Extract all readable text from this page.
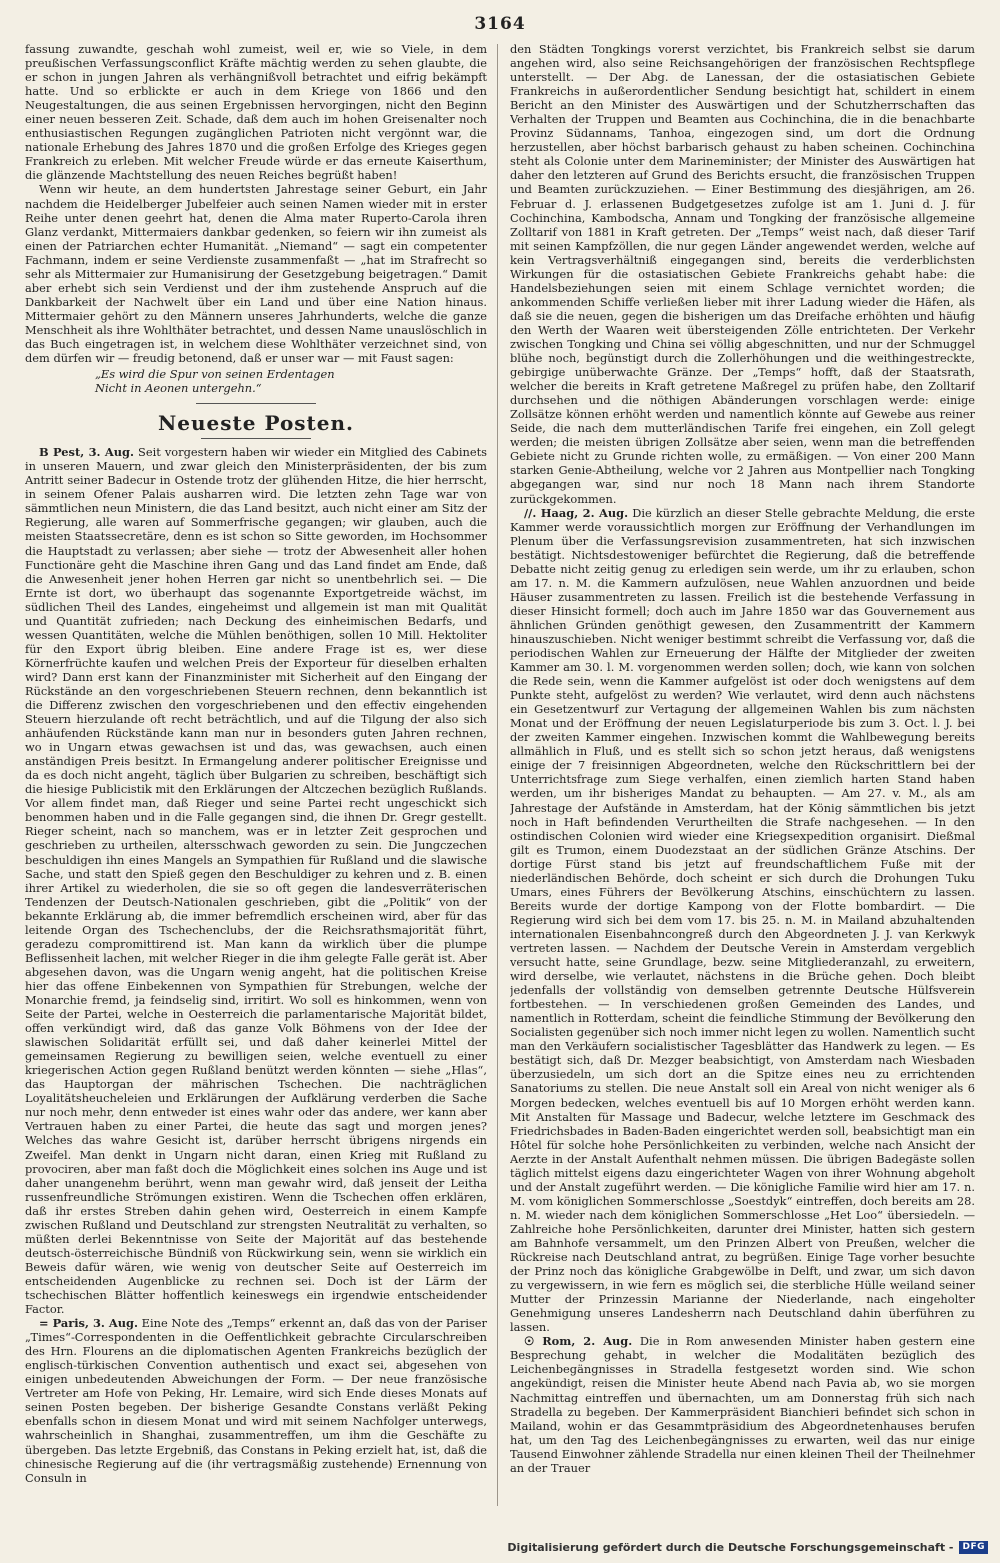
3164

fassung zuwandte, geschah wohl zumeist, weil er, wie so Viele, in dem preußischen Verfassungsconflict Kräfte mächtig werden zu sehen glaubte, die er schon in jungen Jahren als verhängnißvoll betrachtet und eifrig bekämpft hatte. Und so erblickte er auch in dem Kriege von 1866 und den Neugestaltungen, die aus seinen Ergebnissen hervorgingen, nicht den Beginn einer neuen besseren Zeit. Schade, daß dem auch im hohen Greisenalter noch enthusiastischen Regungen zugänglichen Patrioten nicht vergönnt war, die nationale Erhebung des Jahres 1870 und die großen Erfolge des Krieges gegen Frankreich zu erleben. Mit welcher Freude würde er das erneute Kaiserthum, die glänzende Machtstellung des neuen Reiches begrüßt haben!

Wenn wir heute, an dem hundertsten Jahrestage seiner Geburt, ein Jahr nachdem die Heidelberger Jubelfeier auch seinen Namen wieder mit in erster Reihe unter denen geehrt hat, denen die Alma mater Ruperto-Carola ihren Glanz verdankt, Mittermaiers dankbar gedenken, so feiern wir ihn zumeist als einen der Patriarchen echter Humanität. „Niemand“ — sagt ein competenter Fachmann, indem er seine Verdienste zusammenfaßt — „hat im Strafrecht so sehr als Mittermaier zur Humanisirung der Gesetzgebung beigetragen.“ Damit aber erhebt sich sein Verdienst und der ihm zustehende Anspruch auf die Dankbarkeit der Nachwelt über ein Land und über eine Nation hinaus. Mittermaier gehört zu den Männern unseres Jahrhunderts, welche die ganze Menschheit als ihre Wohlthäter betrachtet, und dessen Name unauslöschlich in das Buch eingetragen ist, in welchem diese Wohlthäter verzeichnet sind, von dem dürfen wir — freudig betonend, daß er unser war — mit Faust sagen:

„Es wird die Spur von seinen Erdentagen
Nicht in Aeonen untergehn.“
Neueste Posten.

B Pest, 3. Aug. Seit vorgestern haben wir wieder ein Mitglied des Cabinets in unseren Mauern, und zwar gleich den Ministerpräsidenten, der bis zum Antritt seiner Badecur in Ostende trotz der glühenden Hitze, die hier herrscht, in seinem Ofener Palais ausharren wird. Die letzten zehn Tage war von sämmtlichen neun Ministern, die das Land besitzt, auch nicht einer am Sitz der Regierung, alle waren auf Sommerfrische gegangen; wir glauben, auch die meisten Staatssecretäre, denn es ist schon so Sitte geworden, im Hochsommer die Hauptstadt zu verlassen; aber siehe — trotz der Abwesenheit aller hohen Functionäre geht die Maschine ihren Gang und das Land findet am Ende, daß die Anwesenheit jener hohen Herren gar nicht so unentbehrlich sei. — Die Ernte ist dort, wo überhaupt das sogenannte Exportgetreide wächst, im südlichen Theil des Landes, eingeheimst und allgemein ist man mit Qualität und Quantität zufrieden; nach Deckung des einheimischen Bedarfs, und wessen Quantitäten, welche die Mühlen benöthigen, sollen 10 Mill. Hektoliter für den Export übrig bleiben. Eine andere Frage ist es, wer diese Körnerfrüchte kaufen und welchen Preis der Exporteur für dieselben erhalten wird? Dann erst kann der Finanzminister mit Sicherheit auf den Eingang der Rückstände an den vorgeschriebenen Steuern rechnen, denn bekanntlich ist die Differenz zwischen den vorgeschriebenen und den effectiv eingehenden Steuern hierzulande oft recht beträchtlich, und auf die Tilgung der also sich anhäufenden Rückstände kann man nur in besonders guten Jahren rechnen, wo in Ungarn etwas gewachsen ist und das, was gewachsen, auch einen anständigen Preis besitzt. In Ermangelung anderer politischer Ereignisse und da es doch nicht angeht, täglich über Bulgarien zu schreiben, beschäftigt sich die hiesige Publicistik mit den Erklärungen der Altczechen bezüglich Rußlands. Vor allem findet man, daß Rieger und seine Partei recht ungeschickt sich benommen haben und in die Falle gegangen sind, die ihnen Dr. Gregr gestellt. Rieger scheint, nach so manchem, was er in letzter Zeit gesprochen und geschrieben zu urtheilen, altersschwach geworden zu sein. Die Jungczechen beschuldigen ihn eines Mangels an Sympathien für Rußland und die slawische Sache, und statt den Spieß gegen den Beschuldiger zu kehren und z. B. einen ihrer Artikel zu wiederholen, die sie so oft gegen die landesverräterischen Tendenzen der Deutsch-Nationalen geschrieben, gibt die „Politik“ von der bekannte Erklärung ab, die immer befremdlich erscheinen wird, aber für das leitende Organ des Tschechenclubs, der die Reichsrathsmajorität führt, geradezu compromittirend ist. Man kann da wirklich über die plumpe Beflissenheit lachen, mit welcher Rieger in die ihm gelegte Falle gerät ist. Aber abgesehen davon, was die Ungarn wenig angeht, hat die politischen Kreise hier das offene Einbekennen von Sympathien für Strebungen, welche der Monarchie fremd, ja feindselig sind, irritirt. Wo soll es hinkommen, wenn von Seite der Partei, welche in Oesterreich die parlamentarische Majorität bildet, offen verkündigt wird, daß das ganze Volk Böhmens von der Idee der slawischen Solidarität erfüllt sei, und daß daher keinerlei Mittel der gemeinsamen Regierung zu bewilligen seien, welche eventuell zu einer kriegerischen Action gegen Rußland benützt werden könnten — siehe „Hlas“, das Hauptorgan der mährischen Tschechen. Die nachträglichen Loyalitätsheucheleien und Erklärungen der Aufklärung verderben die Sache nur noch mehr, denn entweder ist eines wahr oder das andere, wer kann aber Vertrauen haben zu einer Partei, die heute das sagt und morgen jenes? Welches das wahre Gesicht ist, darüber herrscht übrigens nirgends ein Zweifel. Man denkt in Ungarn nicht daran, einen Krieg mit Rußland zu provociren, aber man faßt doch die Möglichkeit eines solchen ins Auge und ist daher unangenehm berührt, wenn man gewahr wird, daß jenseit der Leitha russenfreundliche Strömungen existiren. Wenn die Tschechen offen erklären, daß ihr erstes Streben dahin gehen wird, Oesterreich in einem Kampfe zwischen Rußland und Deutschland zur strengsten Neutralität zu verhalten, so müßten derlei Bekenntnisse von Seite der Majorität auf das bestehende deutsch-österreichische Bündniß von Rückwirkung sein, wenn sie wirklich ein Beweis dafür wären, wie wenig von deutscher Seite auf Oesterreich im entscheidenden Augenblicke zu rechnen sei. Doch ist der Lärm der tschechischen Blätter hoffentlich keineswegs ein irgendwie entscheidender Factor.

= Paris, 3. Aug. Eine Note des „Temps“ erkennt an, daß das von der Pariser „Times“-Correspondenten in die Oeffentlichkeit gebrachte Circularschreiben des Hrn. Flourens an die diplomatischen Agenten Frankreichs bezüglich der englisch-türkischen Convention authentisch und exact sei, abgesehen von einigen unbedeutenden Abweichungen der Form. — Der neue französische Vertreter am Hofe von Peking, Hr. Lemaire, wird sich Ende dieses Monats auf seinen Posten begeben. Der bisherige Gesandte Constans verläßt Peking ebenfalls schon in diesem Monat und wird mit seinem Nachfolger unterwegs, wahrscheinlich in Shanghai, zusammentreffen, um ihm die Geschäfte zu übergeben. Das letzte Ergebniß, das Constans in Peking erzielt hat, ist, daß die chinesische Regierung auf die (ihr vertragsmäßig zustehende) Ernennung von Consuln in

den Städten Tongkings vorerst verzichtet, bis Frankreich selbst sie darum angehen wird, also seine Reichsangehörigen der französischen Rechtspflege unterstellt. — Der Abg. de Lanessan, der die ostasiatischen Gebiete Frankreichs in außerordentlicher Sendung besichtigt hat, schildert in einem Bericht an den Minister des Auswärtigen und der Schutzherrschaften das Verhalten der Truppen und Beamten aus Cochinchina, die in die benachbarte Provinz Südannams, Tanhoa, eingezogen sind, um dort die Ordnung herzustellen, aber höchst barbarisch gehaust zu haben scheinen. Cochinchina steht als Colonie unter dem Marineminister; der Minister des Auswärtigen hat daher den letzteren auf Grund des Berichts ersucht, die französischen Truppen und Beamten zurückzuziehen. — Einer Bestimmung des diesjährigen, am 26. Februar d. J. erlassenen Budgetgesetzes zufolge ist am 1. Juni d. J. für Cochinchina, Kambodscha, Annam und Tongking der französische allgemeine Zolltarif von 1881 in Kraft getreten. Der „Temps“ weist nach, daß dieser Tarif mit seinen Kampfzöllen, die nur gegen Länder angewendet werden, welche auf kein Vertragsverhältniß eingegangen sind, bereits die verderblichsten Wirkungen für die ostasiatischen Gebiete Frankreichs gehabt habe: die Handelsbeziehungen seien mit einem Schlage vernichtet worden; die ankommenden Schiffe verließen lieber mit ihrer Ladung wieder die Häfen, als daß sie die neuen, gegen die bisherigen um das Dreifache erhöhten und häufig den Werth der Waaren weit übersteigenden Zölle entrichteten. Der Verkehr zwischen Tongking und China sei völlig abgeschnitten, und nur der Schmuggel blühe noch, begünstigt durch die Zollerhöhungen und die weithingestreckte, gebirgige unüberwachte Gränze. Der „Temps“ hofft, daß der Staatsrath, welcher die bereits in Kraft getretene Maßregel zu prüfen habe, den Zolltarif durchsehen und die nöthigen Abänderungen vorschlagen werde: einige Zollsätze können erhöht werden und namentlich könnte auf Gewebe aus reiner Seide, die nach dem mutterländischen Tarife frei eingehen, ein Zoll gelegt werden; die meisten übrigen Zollsätze aber seien, wenn man die betreffenden Gebiete nicht zu Grunde richten wolle, zu ermäßigen. — Von einer 200 Mann starken Genie-Abtheilung, welche vor 2 Jahren aus Montpellier nach Tongking abgegangen war, sind nur noch 18 Mann nach ihrem Standorte zurückgekommen.

//. Haag, 2. Aug. Die kürzlich an dieser Stelle gebrachte Meldung, die erste Kammer werde voraussichtlich morgen zur Eröffnung der Verhandlungen im Plenum über die Verfassungsrevision zusammentreten, hat sich inzwischen bestätigt. Nichtsdestoweniger befürchtet die Regierung, daß die betreffende Debatte nicht zeitig genug zu erledigen sein werde, um ihr zu erlauben, schon am 17. n. M. die Kammern aufzulösen, neue Wahlen anzuordnen und beide Häuser zusammentreten zu lassen. Freilich ist die bestehende Verfassung in dieser Hinsicht formell; doch auch im Jahre 1850 war das Gouvernement aus ähnlichen Gründen genöthigt gewesen, den Zusammentritt der Kammern hinauszuschieben. Nicht weniger bestimmt schreibt die Verfassung vor, daß die periodischen Wahlen zur Erneuerung der Hälfte der Mitglieder der zweiten Kammer am 30. l. M. vorgenommen werden sollen; doch, wie kann von solchen die Rede sein, wenn die Kammer aufgelöst ist oder doch wenigstens auf dem Punkte steht, aufgelöst zu werden? Wie verlautet, wird denn auch nächstens ein Gesetzentwurf zur Vertagung der allgemeinen Wahlen bis zum nächsten Monat und der Eröffnung der neuen Legislaturperiode bis zum 3. Oct. l. J. bei der zweiten Kammer eingehen. Inzwischen kommt die Wahlbewegung bereits allmählich in Fluß, und es stellt sich so schon jetzt heraus, daß wenigstens einige der 7 freisinnigen Abgeordneten, welche den Rückschrittlern bei der Unterrichtsfrage zum Siege verhalfen, einen ziemlich harten Stand haben werden, um ihr bisheriges Mandat zu behaupten. — Am 27. v. M., als am Jahrestage der Aufstände in Amsterdam, hat der König sämmtlichen bis jetzt noch in Haft befindenden Verurtheilten die Strafe nachgesehen. — In den ostindischen Colonien wird wieder eine Kriegsexpedition organisirt. Dießmal gilt es Trumon, einem Duodezstaat an der südlichen Gränze Atschins. Der dortige Fürst stand bis jetzt auf freundschaftlichem Fuße mit der niederländischen Behörde, doch scheint er sich durch die Drohungen Tuku Umars, eines Führers der Bevölkerung Atschins, einschüchtern zu lassen. Bereits wurde der dortige Kampong von der Flotte bombardirt. — Die Regierung wird sich bei dem vom 17. bis 25. n. M. in Mailand abzuhaltenden internationalen Eisenbahncongreß durch den Abgeordneten J. J. van Kerkwyk vertreten lassen. — Nachdem der Deutsche Verein in Amsterdam vergeblich versucht hatte, seine Grundlage, bezw. seine Mitgliederanzahl, zu erweitern, wird derselbe, wie verlautet, nächstens in die Brüche gehen. Doch bleibt jedenfalls der vollständig von demselben getrennte Deutsche Hülfsverein fortbestehen. — In verschiedenen großen Gemeinden des Landes, und namentlich in Rotterdam, scheint die feindliche Stimmung der Bevölkerung den Socialisten gegenüber sich noch immer nicht legen zu wollen. Namentlich sucht man den Verkäufern socialistischer Tagesblätter das Handwerk zu legen. — Es bestätigt sich, daß Dr. Mezger beabsichtigt, von Amsterdam nach Wiesbaden überzusiedeln, um sich dort an die Spitze eines neu zu errichtenden Sanatoriums zu stellen. Die neue Anstalt soll ein Areal von nicht weniger als 6 Morgen bedecken, welches eventuell bis auf 10 Morgen erhöht werden kann. Mit Anstalten für Massage und Badecur, welche letztere im Geschmack des Friedrichsbades in Baden-Baden eingerichtet werden soll, beabsichtigt man ein Hôtel für solche hohe Persönlichkeiten zu verbinden, welche nach Ansicht der Aerzte in der Anstalt Aufenthalt nehmen müssen. Die übrigen Badegäste sollen täglich mittelst eigens dazu eingerichteter Wagen von ihrer Wohnung abgeholt und der Anstalt zugeführt werden. — Die königliche Familie wird hier am 17. n. M. vom königlichen Sommerschlosse „Soestdyk“ eintreffen, doch bereits am 28. n. M. wieder nach dem königlichen Sommerschlosse „Het Loo“ übersiedeln. — Zahlreiche hohe Persönlichkeiten, darunter drei Minister, hatten sich gestern am Bahnhofe versammelt, um den Prinzen Albert von Preußen, welcher die Rückreise nach Deutschland antrat, zu begrüßen. Einige Tage vorher besuchte der Prinz noch das königliche Grabgewölbe in Delft, und zwar, um sich davon zu vergewissern, in wie fern es möglich sei, die sterbliche Hülle weiland seiner Mutter der Prinzessin Marianne der Niederlande, nach eingeholter Genehmigung unseres Landesherrn nach Deutschland dahin überführen zu lassen.

☉ Rom, 2. Aug. Die in Rom anwesenden Minister haben gestern eine Besprechung gehabt, in welcher die Modalitäten bezüglich des Leichenbegängnisses in Stradella festgesetzt worden sind. Wie schon angekündigt, reisen die Minister heute Abend nach Pavia ab, wo sie morgen Nachmittag eintreffen und übernachten, um am Donnerstag früh sich nach Stradella zu begeben. Der Kammerpräsident Bianchieri befindet sich schon in Mailand, wohin er das Gesammtpräsidium des Abgeordnetenhauses berufen hat, um den Tag des Leichenbegängnisses zu erwarten, weil das nur einige Tausend Einwohner zählende Stradella nur einen kleinen Theil der Theilnehmer an der Trauer

Digitalisierung gefördert durch die Deutsche Forschungsgemeinschaft -	DFG
